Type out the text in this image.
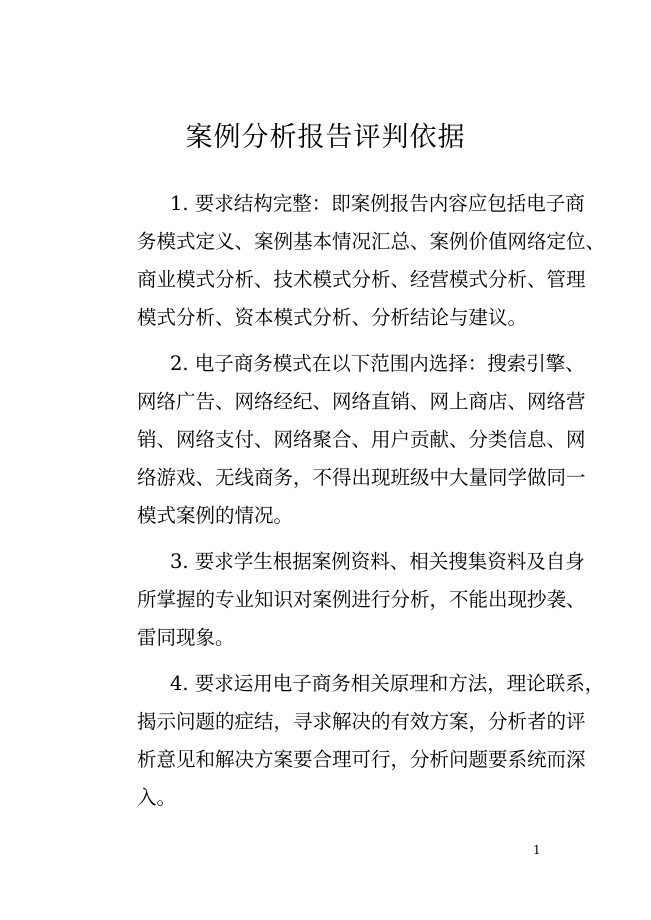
案例分析报告评判依据
1. 要求结构完整：即案例报告内容应包括电子商
务模式定义、案例基本情况汇总、案例价值网络定位、
商业模式分析、技术模式分析、经营模式分析、管理
模式分析、资本模式分析、分析结论与建议。
2. 电子商务模式在以下范围内选择：搜索引擎、
网络广告、网络经纪、网络直销、网上商店、网络营
销、网络支付、网络聚合、用户贡献、分类信息、网
络游戏、无线商务，不得出现班级中大量同学做同一
模式案例的情况。
3. 要求学生根据案例资料、相关搜集资料及自身
所掌握的专业知识对案例进行分析，不能出现抄袭、
雷同现象。
4. 要求运用电子商务相关原理和方法，理论联系，
揭示问题的症结，寻求解决的有效方案，分析者的评
析意见和解决方案要合理可行，分析问题要系统而深
入。
1
